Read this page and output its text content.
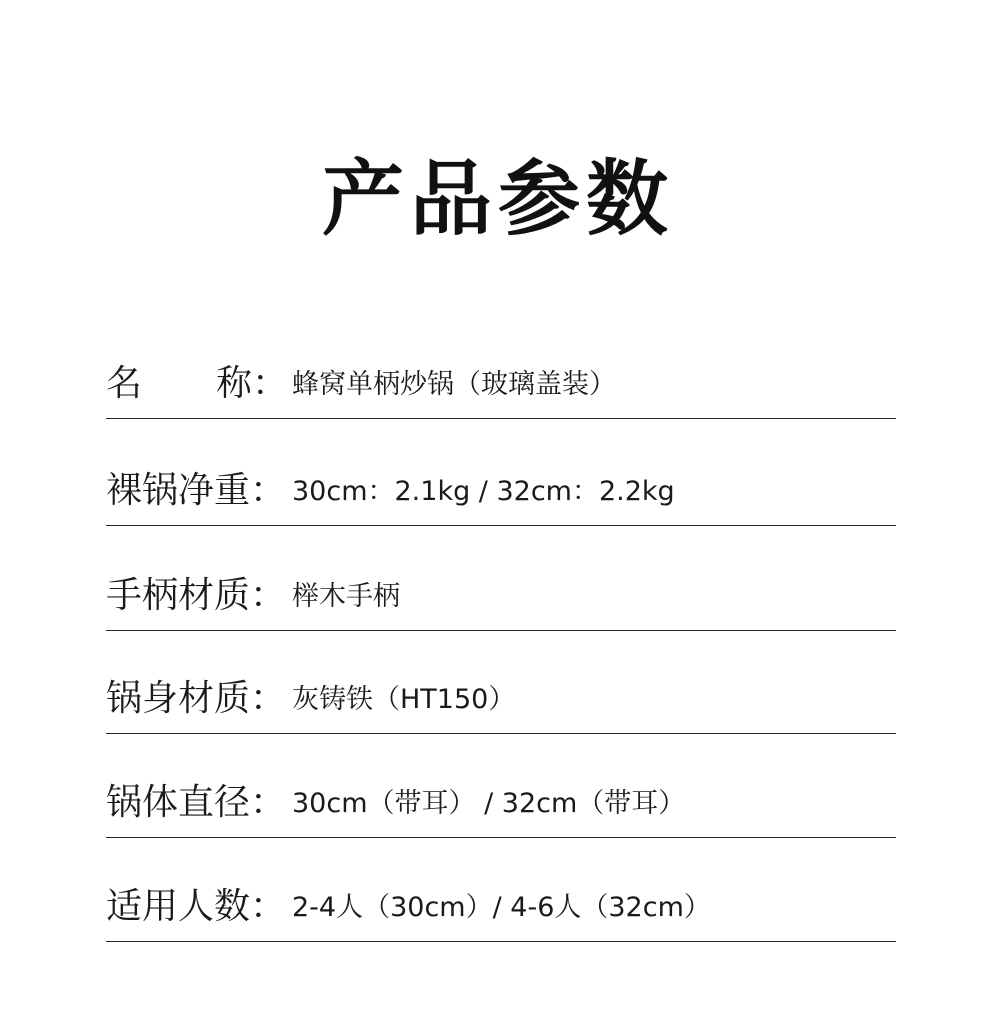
产品参数
名 称： 蜂窝单柄炒锅（玻璃盖装）
裸锅净重： 30cm：2.1kg / 32cm：2.2kg
手柄材质： 榉木手柄
锅身材质： 灰铸铁（HT150）
锅体直径： 30cm（带耳） / 32cm（带耳）
适用人数： 2-4人（30cm）/ 4-6人（32cm）
